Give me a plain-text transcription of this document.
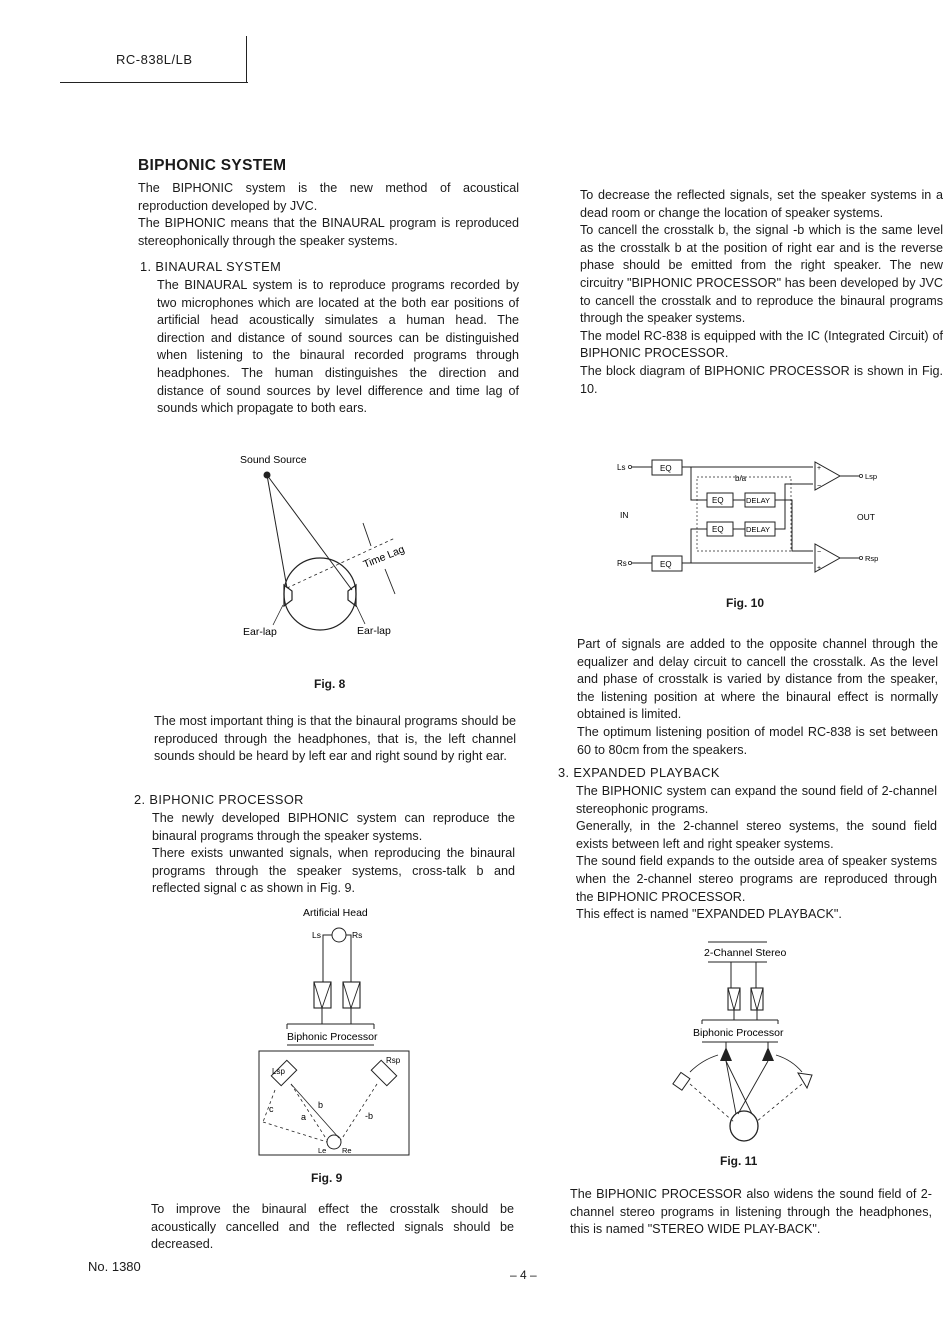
RC-838L/LB
BIPHONIC SYSTEM

The BIPHONIC system is the new method of acoustical reproduction developed by JVC.

The BIPHONIC means that the BINAURAL program is reproduced stereophonically through the speaker systems.

1. BINAURAL SYSTEM

The BINAURAL system is to reproduce programs recorded by two microphones which are located at the both ear positions of artificial head acoustically simulates a human head. The direction and distance of sound sources can be distinguished when listening to the binaural recorded programs through headphones. The human distinguishes the direction and distance of sound sources by level difference and time lag of sounds which propagate to both ears.

Sound Source
Time Lag
Ear-lap	Ear-lap
Fig. 8

The most important thing is that the binaural programs should be reproduced through the headphones, that is, the left channel sounds should be heard by left ear and right sound by right ear.

2. BIPHONIC PROCESSOR

The newly developed BIPHONIC system can reproduce the binaural programs through the speaker systems.

There exists unwanted signals, when reproducing the binaural programs through the speaker systems, cross-talk b and reflected signal c as shown in Fig. 9.

Artificial Head
Ls	Rs
Biphonic Processor
Lsp
Rsp
a
b
-b
c
Le Re
Fig. 9

To improve the binaural effect the crosstalk should be acoustically cancelled and the reflected signals should be decreased.

To decrease the reflected signals, set the speaker systems in a dead room or change the location of speaker systems.

To cancell the crosstalk b, the signal -b which is the same level as the crosstalk b at the position of right ear and is the reverse phase should be emitted from the right speaker. The new circuitry "BIPHONIC PROCESSOR" has been developed by JVC to cancell the crosstalk and to reproduce the binaural programs through the speaker systems.

The model RC-838 is equipped with the IC (Integrated Circuit) of BIPHONIC PROCESSOR.

The block diagram of BIPHONIC PROCESSOR is shown in Fig. 10.

Ls	EQ
Rs	EQ
b/a
EQ	DELAY
EQ	DELAY
+
−
Lsp
−
+
Rsp
IN	OUT
Fig. 10

Part of signals are added to the opposite channel through the equalizer and delay circuit to cancell the crosstalk. As the level and phase of crosstalk is varied by distance from the speaker, the listening position at where the binaural effect is normally obtained is limited.

The optimum listening position of model RC-838 is set between 60 to 80cm from the speakers.

3. EXPANDED PLAYBACK

The BIPHONIC system can expand the sound field of 2-channel stereophonic programs.

Generally, in the 2-channel stereo systems, the sound field exists between left and right speaker systems.

The sound field expands to the outside area of speaker systems when the 2-channel stereo programs are reproduced through the BIPHONIC PROCESSOR.

This effect is named "EXPANDED PLAYBACK".

2-Channel Stereo
Biphonic Processor
Fig. 11

The BIPHONIC PROCESSOR also widens the sound field of 2-channel stereo programs in listening through the headphones, this is named "STEREO WIDE PLAY-BACK".

No. 1380
– 4 –
